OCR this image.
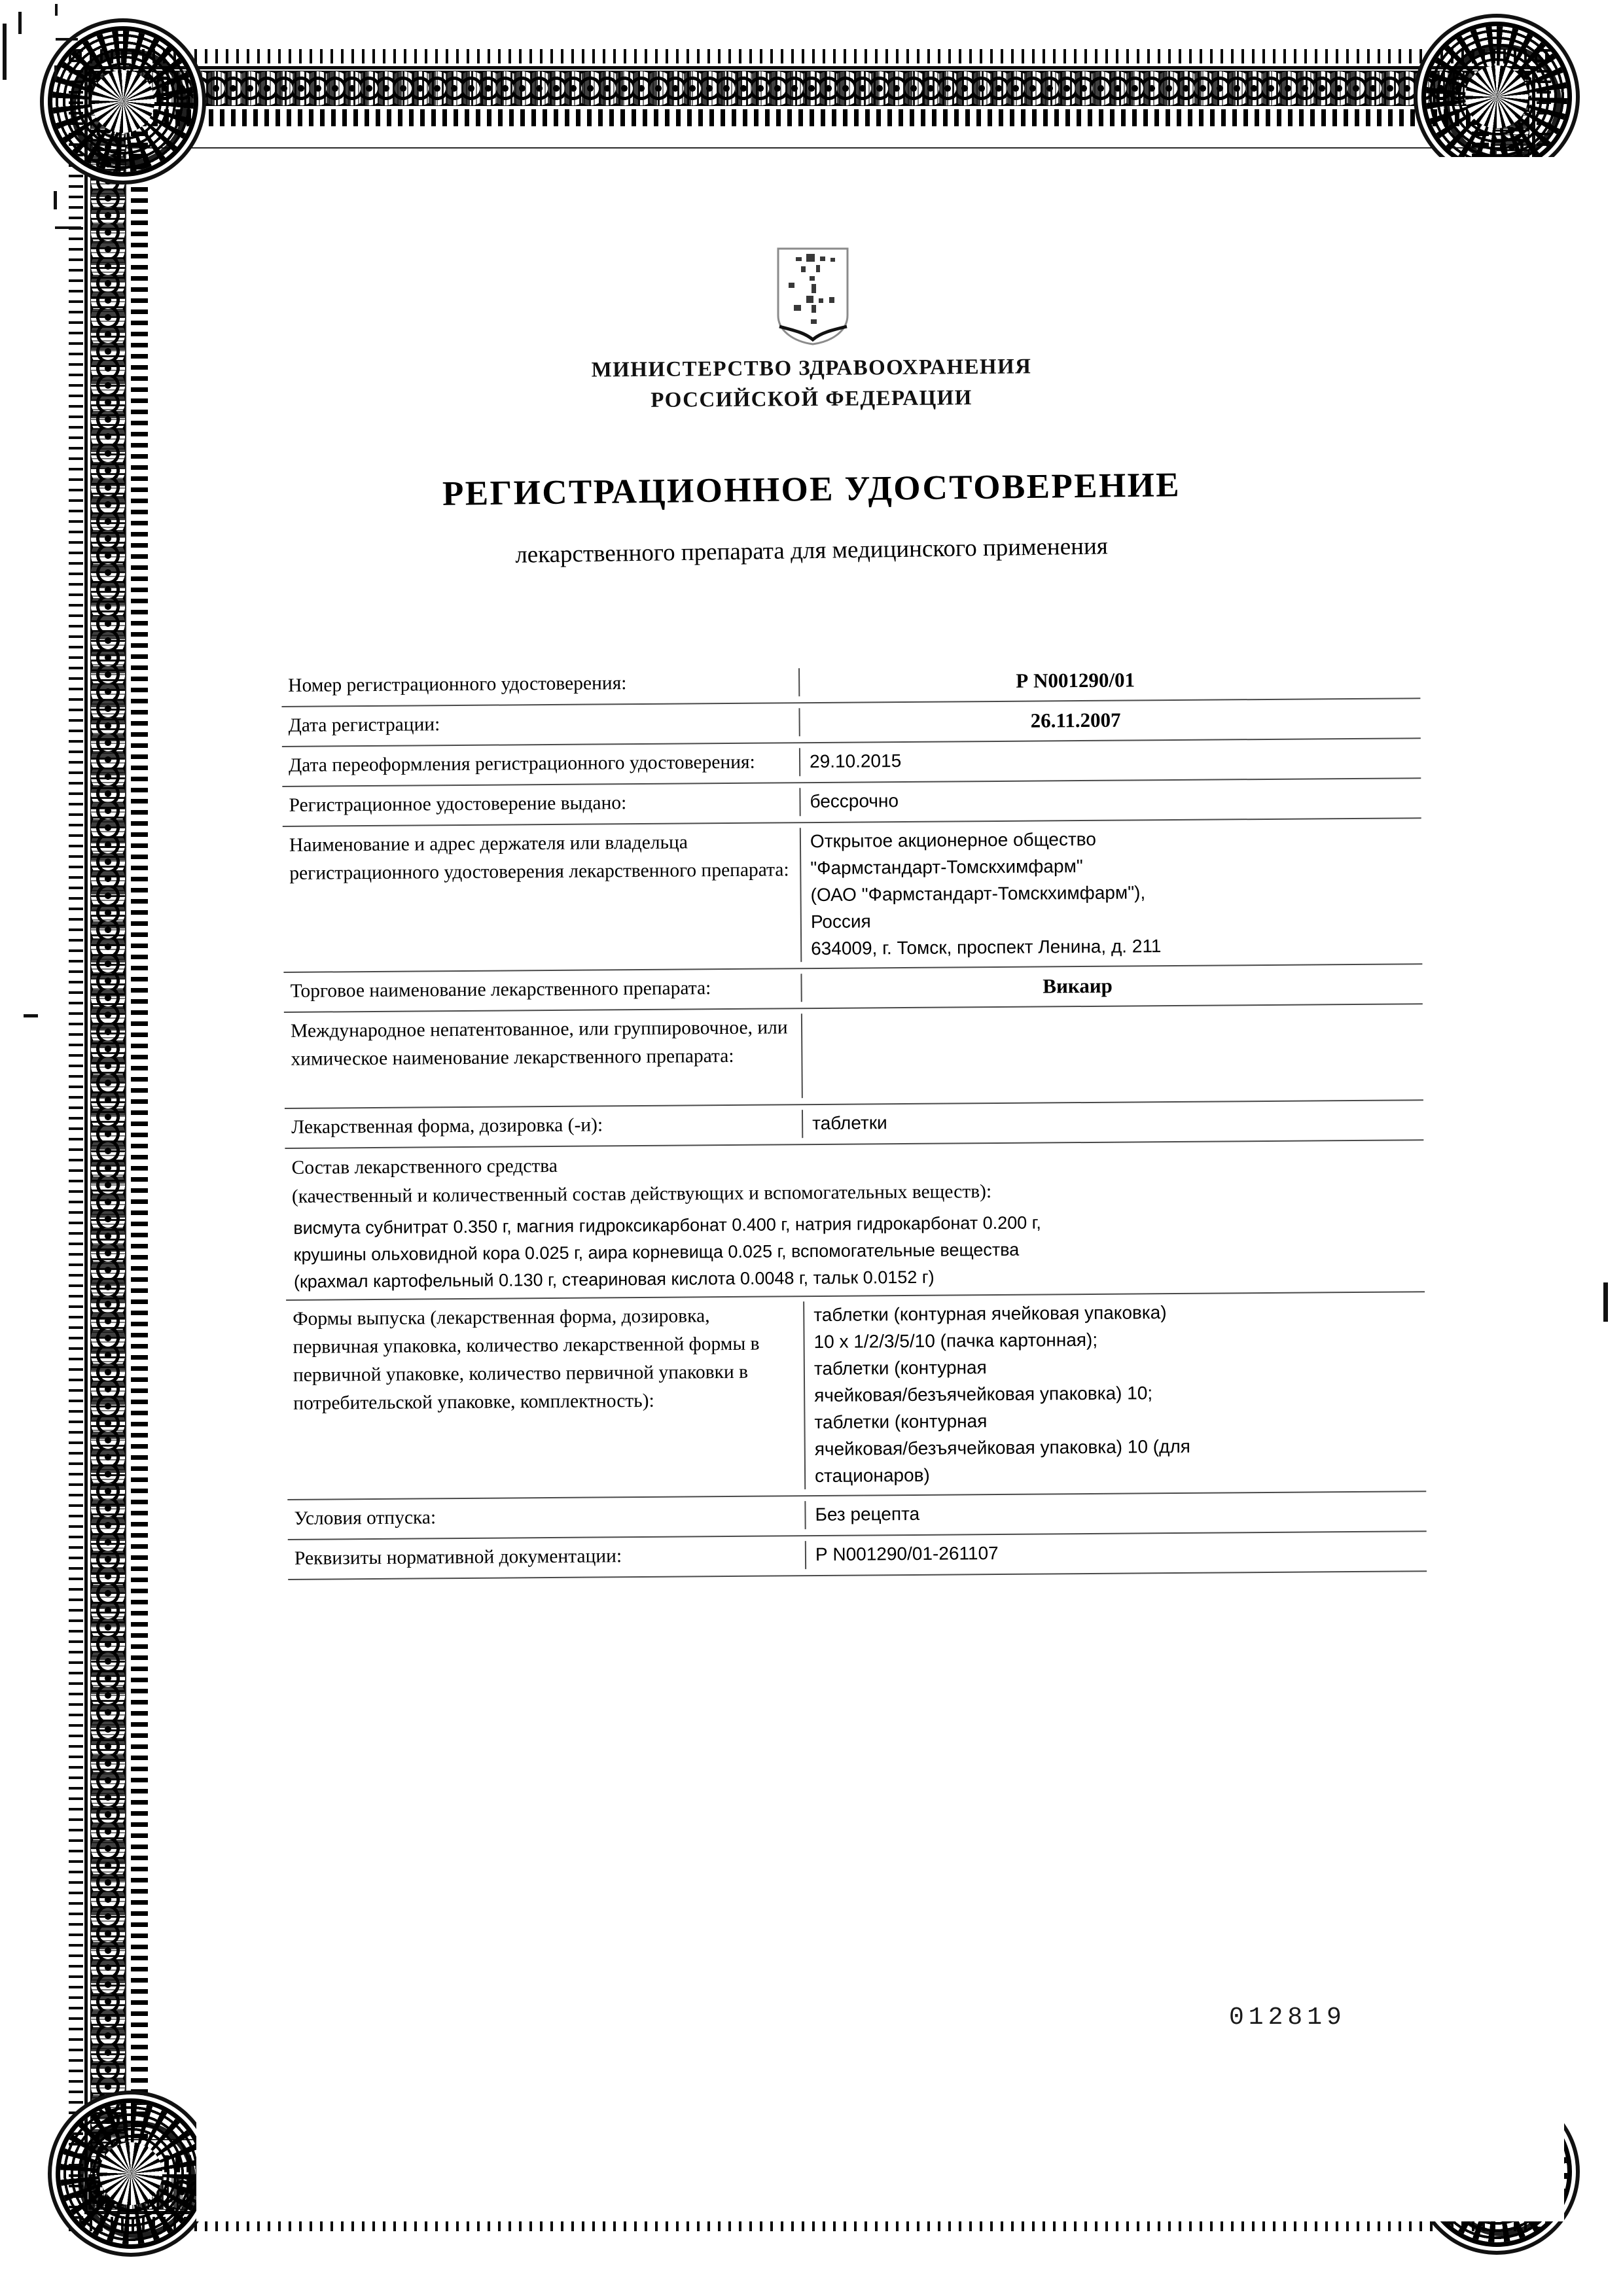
МИНИСТЕРСТВО ЗДРАВООХРАНЕНИЯ
РОССИЙСКОЙ ФЕДЕРАЦИИ
РЕГИСТРАЦИОННОЕ УДОСТОВЕРЕНИЕ
лекарственного препарата для медицинского применения
Номер регистрационного удостоверения:	Р N001290/01
Дата регистрации:	26.11.2007
Дата переоформления регистрационного удостоверения:	29.10.2015
Регистрационное удостоверение выдано:	бессрочно
Наименование и адрес держателя или владельца регистрационного удостоверения лекарственного препарата:
Открытое акционерное общество
"Фармстандарт-Томскхимфарм"
(ОАО "Фармстандарт-Томскхимфарм"),
Россия
634009, г. Томск, проспект Ленина, д. 211
Торговое наименование лекарственного препарата:	Викаир
Международное непатентованное, или группировочное, или химическое наименование лекарственного препарата:
Лекарственная форма, дозировка (-и):	таблетки
Состав лекарственного средства
(качественный и количественный состав действующих и вспомогательных веществ):
висмута субнитрат 0.350 г, магния гидроксикарбонат 0.400 г, натрия гидрокарбонат 0.200 г,
крушины ольховидной кора 0.025 г, аира корневища 0.025 г, вспомогательные вещества
(крахмал картофельный 0.130 г, стеариновая кислота 0.0048 г, тальк 0.0152 г)
Формы выпуска (лекарственная форма, дозировка, первичная упаковка, количество лекарственной формы в первичной упаковке, количество первичной упаковки в потребительской упаковке, комплектность):
таблетки (контурная ячейковая упаковка)
10 х 1/2/3/5/10 (пачка картонная);
таблетки (контурная
ячейковая/безъячейковая упаковка) 10;
таблетки (контурная
ячейковая/безъячейковая упаковка) 10 (для
стационаров)
Условия отпуска:	Без рецепта
Реквизиты нормативной документации:	Р N001290/01-261107
012819
